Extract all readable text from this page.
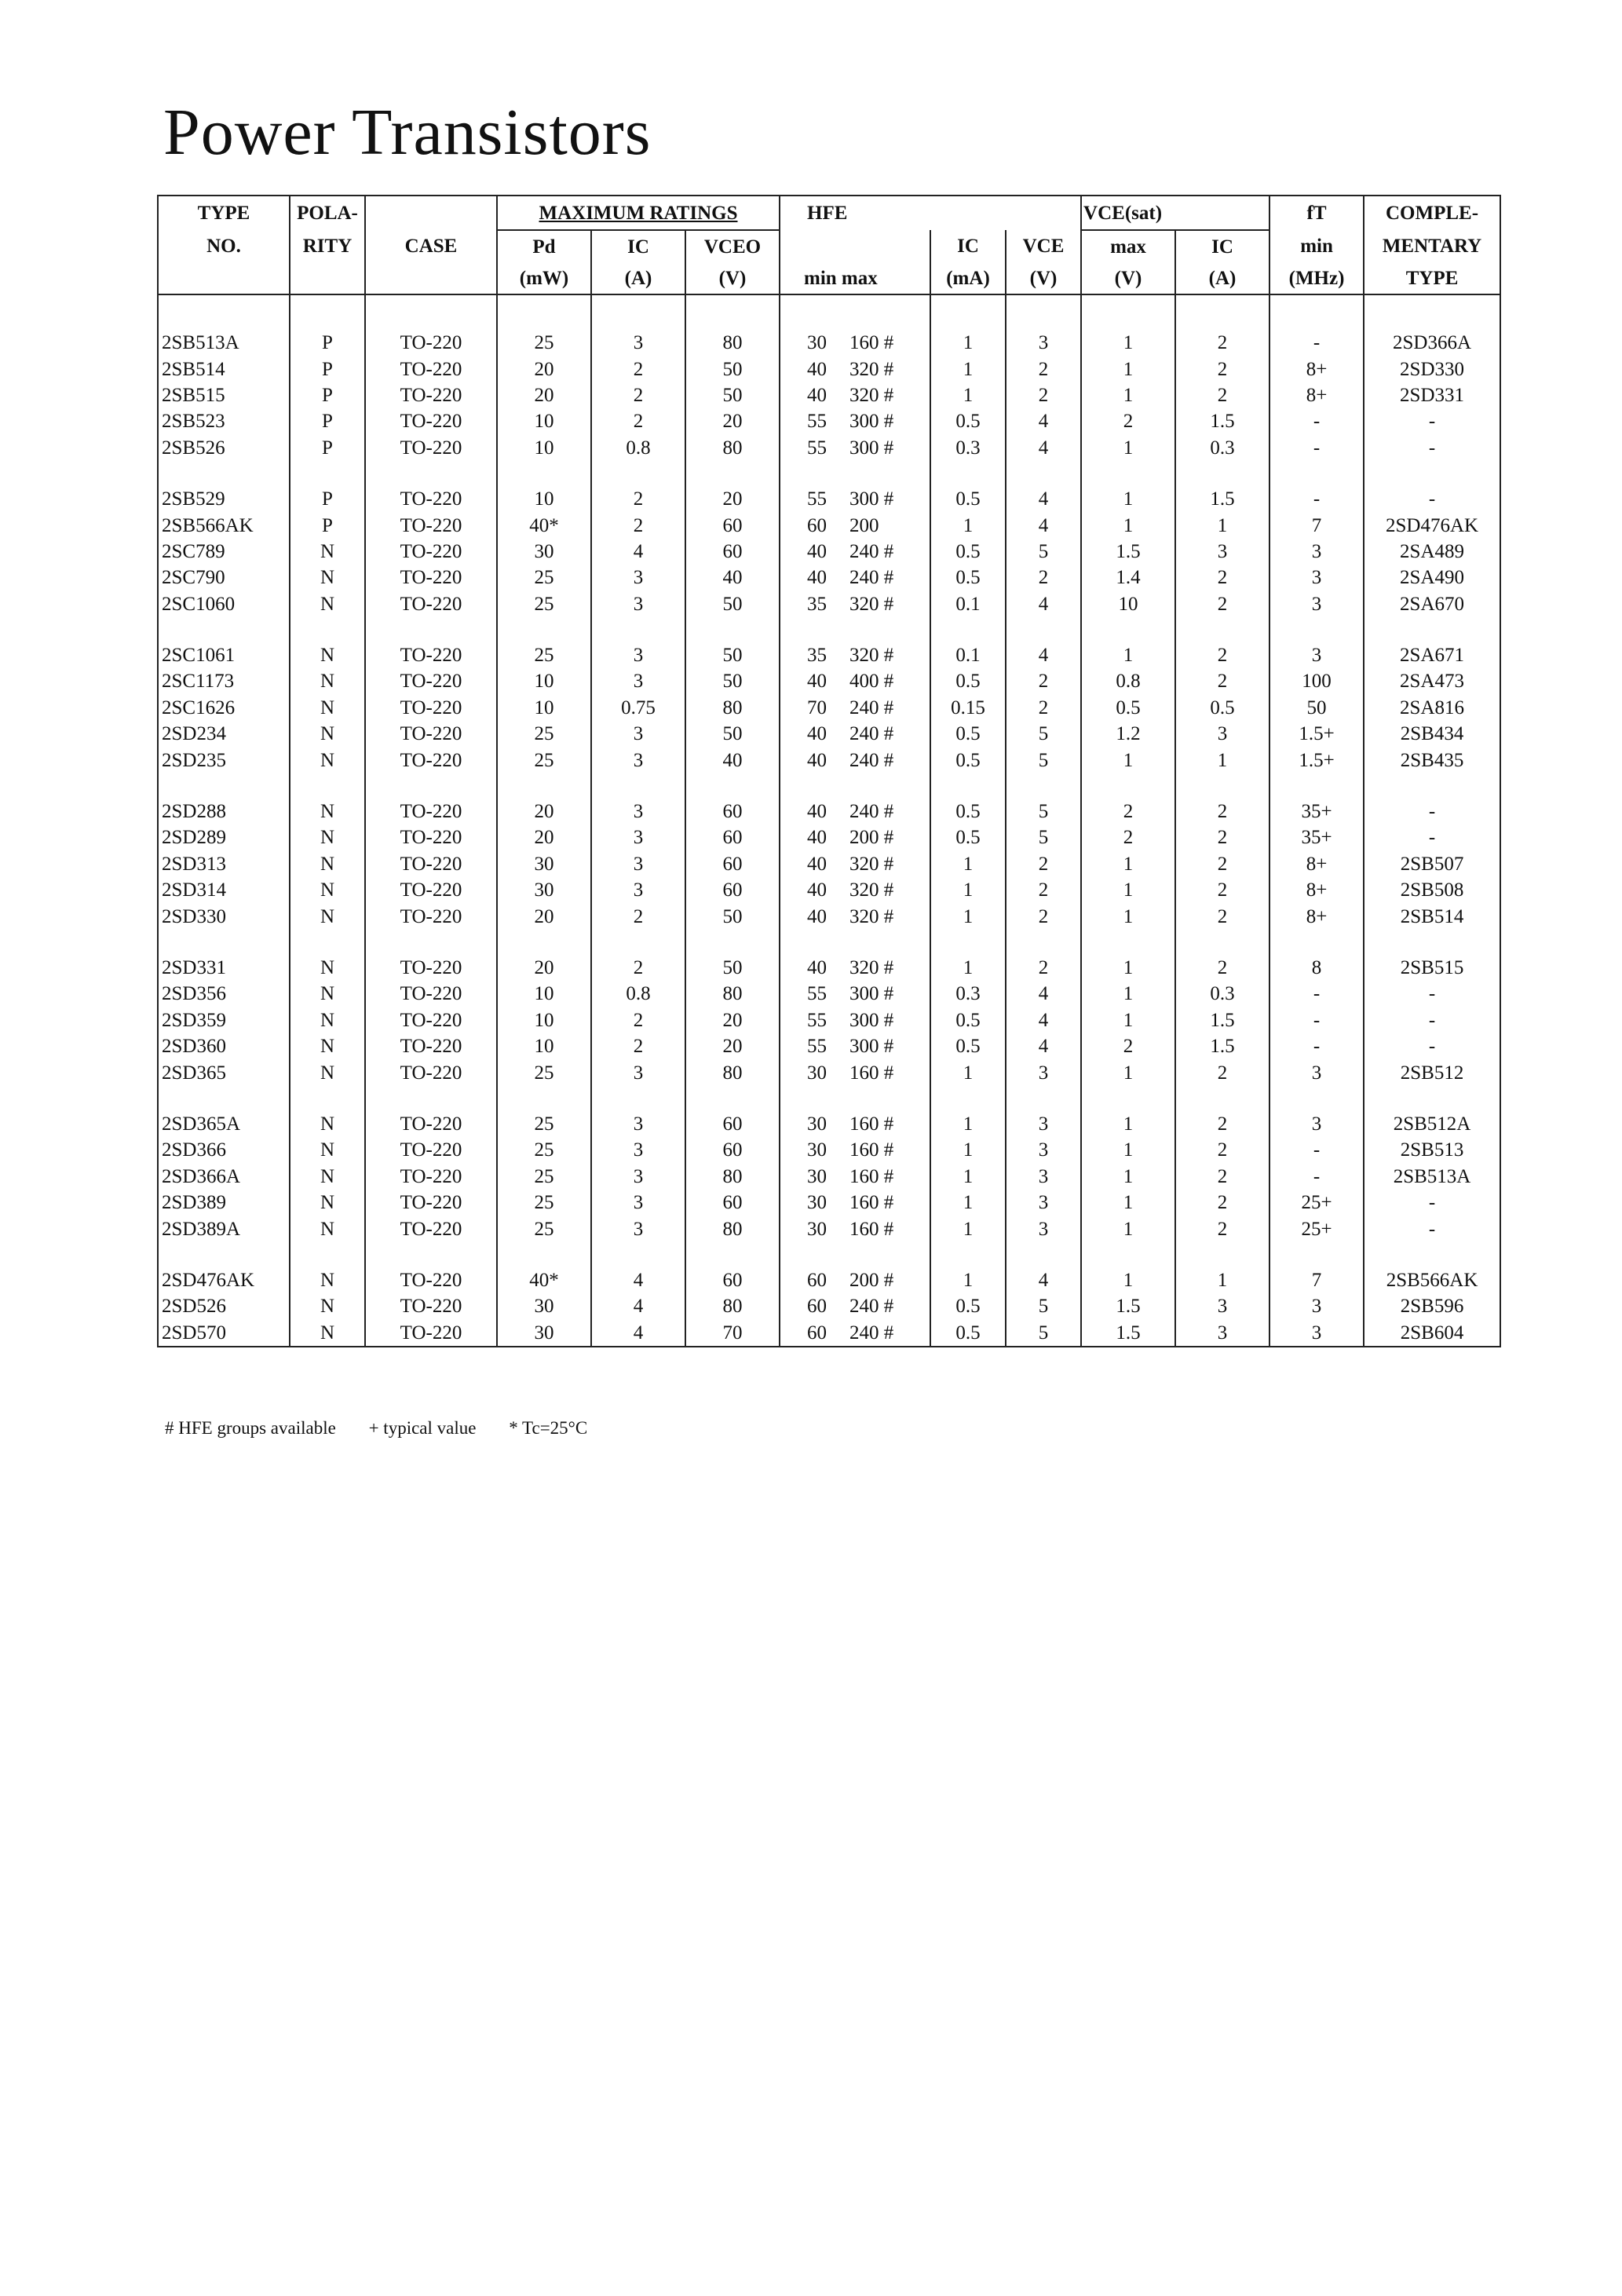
Power Transistors
TYPE	POLA-		MAXIMUM RATINGS			HFE			VCE(sat)		fT	COMPLE-
NO.	RITY	CASE	Pd	IC	VCEO		IC	VCE	max	IC	min	MENTARY
			(mW)	(A)	(V)	min max	(mA)	(V)	(V)	(A)	(MHz)	TYPE

2SB513A	P	TO-220	25	3	80	30 160 #	1	3	1	2	-	2SD366A
2SB514	P	TO-220	20	2	50	40 320 #	1	2	1	2	8+	2SD330
2SB515	P	TO-220	20	2	50	40 320 #	1	2	1	2	8+	2SD331
2SB523	P	TO-220	10	2	20	55 300 #	0.5	4	2	1.5	-	-
2SB526	P	TO-220	10	0.8	80	55 300 #	0.3	4	1	0.3	-	-

2SB529	P	TO-220	10	2	20	55 300 #	0.5	4	1	1.5	-	-
2SB566AK	P	TO-220	40*	2	60	60 200	1	4	1	1	7	2SD476AK
2SC789	N	TO-220	30	4	60	40 240 #	0.5	5	1.5	3	3	2SA489
2SC790	N	TO-220	25	3	40	40 240 #	0.5	2	1.4	2	3	2SA490
2SC1060	N	TO-220	25	3	50	35 320 #	0.1	4	10	2	3	2SA670

2SC1061	N	TO-220	25	3	50	35 320 #	0.1	4	1	2	3	2SA671
2SC1173	N	TO-220	10	3	50	40 400 #	0.5	2	0.8	2	100	2SA473
2SC1626	N	TO-220	10	0.75	80	70 240 #	0.15	2	0.5	0.5	50	2SA816
2SD234	N	TO-220	25	3	50	40 240 #	0.5	5	1.2	3	1.5+	2SB434
2SD235	N	TO-220	25	3	40	40 240 #	0.5	5	1	1	1.5+	2SB435

2SD288	N	TO-220	20	3	60	40 240 #	0.5	5	2	2	35+	-
2SD289	N	TO-220	20	3	60	40 200 #	0.5	5	2	2	35+	-
2SD313	N	TO-220	30	3	60	40 320 #	1	2	1	2	8+	2SB507
2SD314	N	TO-220	30	3	60	40 320 #	1	2	1	2	8+	2SB508
2SD330	N	TO-220	20	2	50	40 320 #	1	2	1	2	8+	2SB514

2SD331	N	TO-220	20	2	50	40 320 #	1	2	1	2	8	2SB515
2SD356	N	TO-220	10	0.8	80	55 300 #	0.3	4	1	0.3	-	-
2SD359	N	TO-220	10	2	20	55 300 #	0.5	4	1	1.5	-	-
2SD360	N	TO-220	10	2	20	55 300 #	0.5	4	2	1.5	-	-
2SD365	N	TO-220	25	3	80	30 160 #	1	3	1	2	3	2SB512

2SD365A	N	TO-220	25	3	60	30 160 #	1	3	1	2	3	2SB512A
2SD366	N	TO-220	25	3	60	30 160 #	1	3	1	2	-	2SB513
2SD366A	N	TO-220	25	3	80	30 160 #	1	3	1	2	-	2SB513A
2SD389	N	TO-220	25	3	60	30 160 #	1	3	1	2	25+	-
2SD389A	N	TO-220	25	3	80	30 160 #	1	3	1	2	25+	-

2SD476AK	N	TO-220	40*	4	60	60 200 #	1	4	1	1	7	2SB566AK
2SD526	N	TO-220	30	4	80	60 240 #	0.5	5	1.5	3	3	2SB596
2SD570	N	TO-220	30	4	70	60 240 #	0.5	5	1.5	3	3	2SB604
# HFE groups available + typical value * Tc=25°C
